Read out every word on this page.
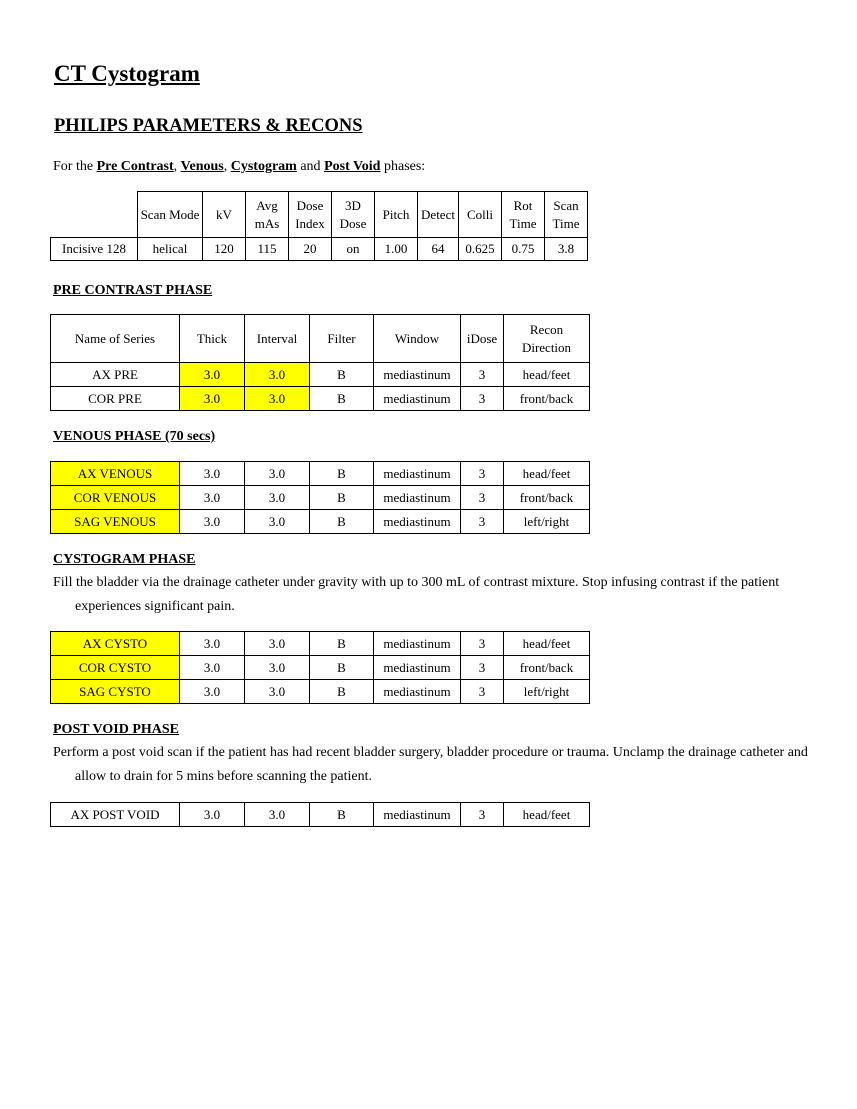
CT Cystogram
PHILIPS PARAMETERS & RECONS
For the Pre Contrast, Venous, Cystogram and Post Void phases:
	Scan Mode	kV	Avg mAs	Dose Index	3D Dose	Pitch	Detect	Colli	Rot Time	Scan Time
Incisive 128	helical	120	115	20	on	1.00	64	0.625	0.75	3.8
PRE CONTRAST PHASE
Name of Series	Thick	Interval	Filter	Window	iDose	Recon Direction
AX PRE	3.0	3.0	B	mediastinum	3	head/feet
COR PRE	3.0	3.0	B	mediastinum	3	front/back
VENOUS PHASE (70 secs)
AX VENOUS	3.0	3.0	B	mediastinum	3	head/feet
COR VENOUS	3.0	3.0	B	mediastinum	3	front/back
SAG VENOUS	3.0	3.0	B	mediastinum	3	left/right
CYSTOGRAM PHASE
Fill the bladder via the drainage catheter under gravity with up to 300 mL of contrast mixture. Stop infusing contrast if the patient experiences significant pain.
AX CYSTO	3.0	3.0	B	mediastinum	3	head/feet
COR CYSTO	3.0	3.0	B	mediastinum	3	front/back
SAG CYSTO	3.0	3.0	B	mediastinum	3	left/right
POST VOID PHASE
Perform a post void scan if the patient has had recent bladder surgery, bladder procedure or trauma. Unclamp the drainage catheter and allow to drain for 5 mins before scanning the patient.
AX POST VOID	3.0	3.0	B	mediastinum	3	head/feet
